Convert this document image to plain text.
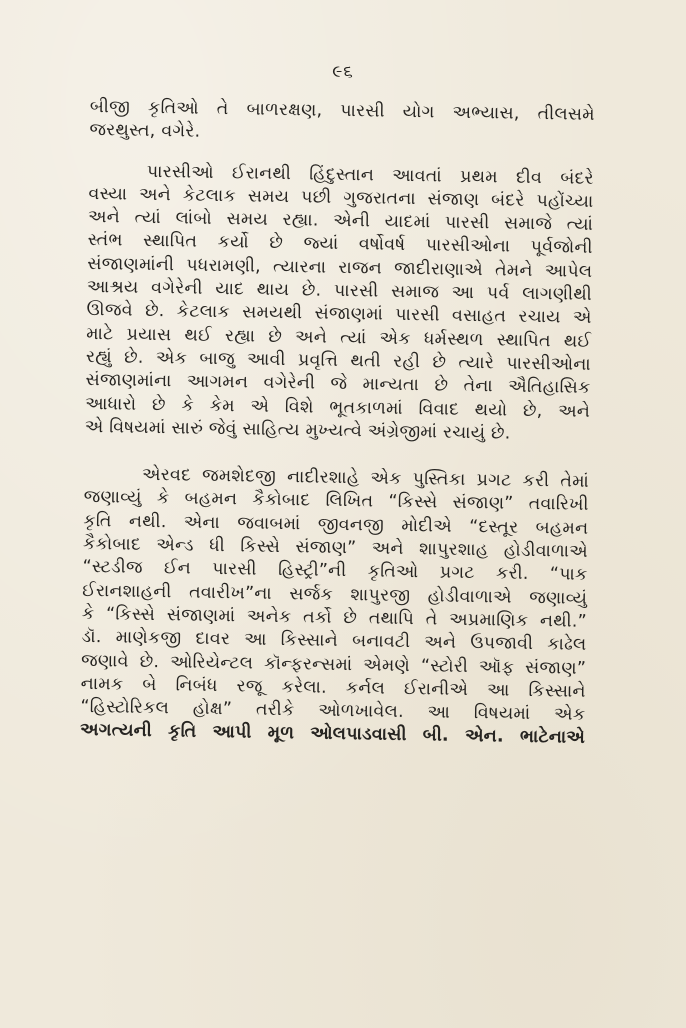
૯૬
બીજી કૃતિઓ તે બાળરક્ષણ, પારસી યોગ અભ્યાસ, તીલસમે
જરથુસ્ત, વગેરે.
પારસીઓ ઈરાનથી હિંદુસ્તાન આવતાં પ્રથમ દીવ બંદરે
વસ્યા અને કેટલાક સમય પછી ગુજરાતના સંજાણ બંદરે પહોંચ્યા
અને ત્યાં લાંબો સમય રહ્યા. એની યાદમાં પારસી સમાજે ત્યાં
સ્તંભ સ્થાપિત કર્યો છે જ્યાં વર્ષોવર્ષ પારસીઓના પૂર્વજોની
સંજાણમાંની પધરામણી, ત્યારના રાજન જાદીરાણાએ તેમને આપેલ
આશ્રય વગેરેની યાદ થાય છે. પારસી સમાજ આ પર્વ લાગણીથી
ઊજવે છે. કેટલાક સમયથી સંજાણમાં પારસી વસાહત રચાય એ
માટે પ્રયાસ થઈ રહ્યા છે અને ત્યાં એક ધર્મસ્થળ સ્થાપિત થઈ
રહ્યું છે. એક બાજુ આવી પ્રવૃત્તિ થતી રહી છે ત્યારે પારસીઓના
સંજાણમાંના આગમન વગેરેની જે માન્યતા છે તેના ઐતિહાસિક
આધારો છે કે કેમ એ વિશે ભૂતકાળમાં વિવાદ થયો છે, અને
એ વિષયમાં સારું જેવું સાહિત્ય મુખ્યત્વે અંગ્રેજીમાં રચાયું છે.
એરવદ જમશેદજી નાદીરશાહે એક પુસ્તિકા પ્રગટ કરી તેમાં
જણાવ્યું કે બહમન કૈકોબાદ લિખિત “કિસ્સે સંજાણ” તવારિખી
કૃતિ નથી. એના જવાબમાં જીવનજી મોદીએ “દસ્તૂર બહમન
કૈકોબાદ એન્ડ ધી કિસ્સે સંજાણ” અને શાપુરશાહ હોડીવાળાએ
“સ્ટડીજ ઈન પારસી હિસ્ટ્રી”ની કૃતિઓ પ્રગટ કરી. “પાક
ઈરાનશાહની તવારીખ”ના સર્જક શાપુરજી હોડીવાળાએ જણાવ્યું
કે “કિસ્સે સંજાણમાં અનેક તર્કો છે તથાપિ તે અપ્રમાણિક નથી.”
ડૉ. માણેકજી દાવર આ કિસ્સાને બનાવટી અને ઉપજાવી કાઢેલ
જણાવે છે. ઓરિયેન્ટલ કૉન્ફરન્સમાં એમણે “સ્ટોરી ઑફ સંજાણ”
નામક બે નિબંધ રજૂ કરેલા. કર્નલ ઈરાનીએ આ કિસ્સાને
“હિસ્ટોરિકલ હોક્ષ” તરીકે ઓળખાવેલ. આ વિષયમાં એક
અગત્યની કૃતિ આપી મૂળ ઓલપાડવાસી બી. એન. ભાટેનાએ
